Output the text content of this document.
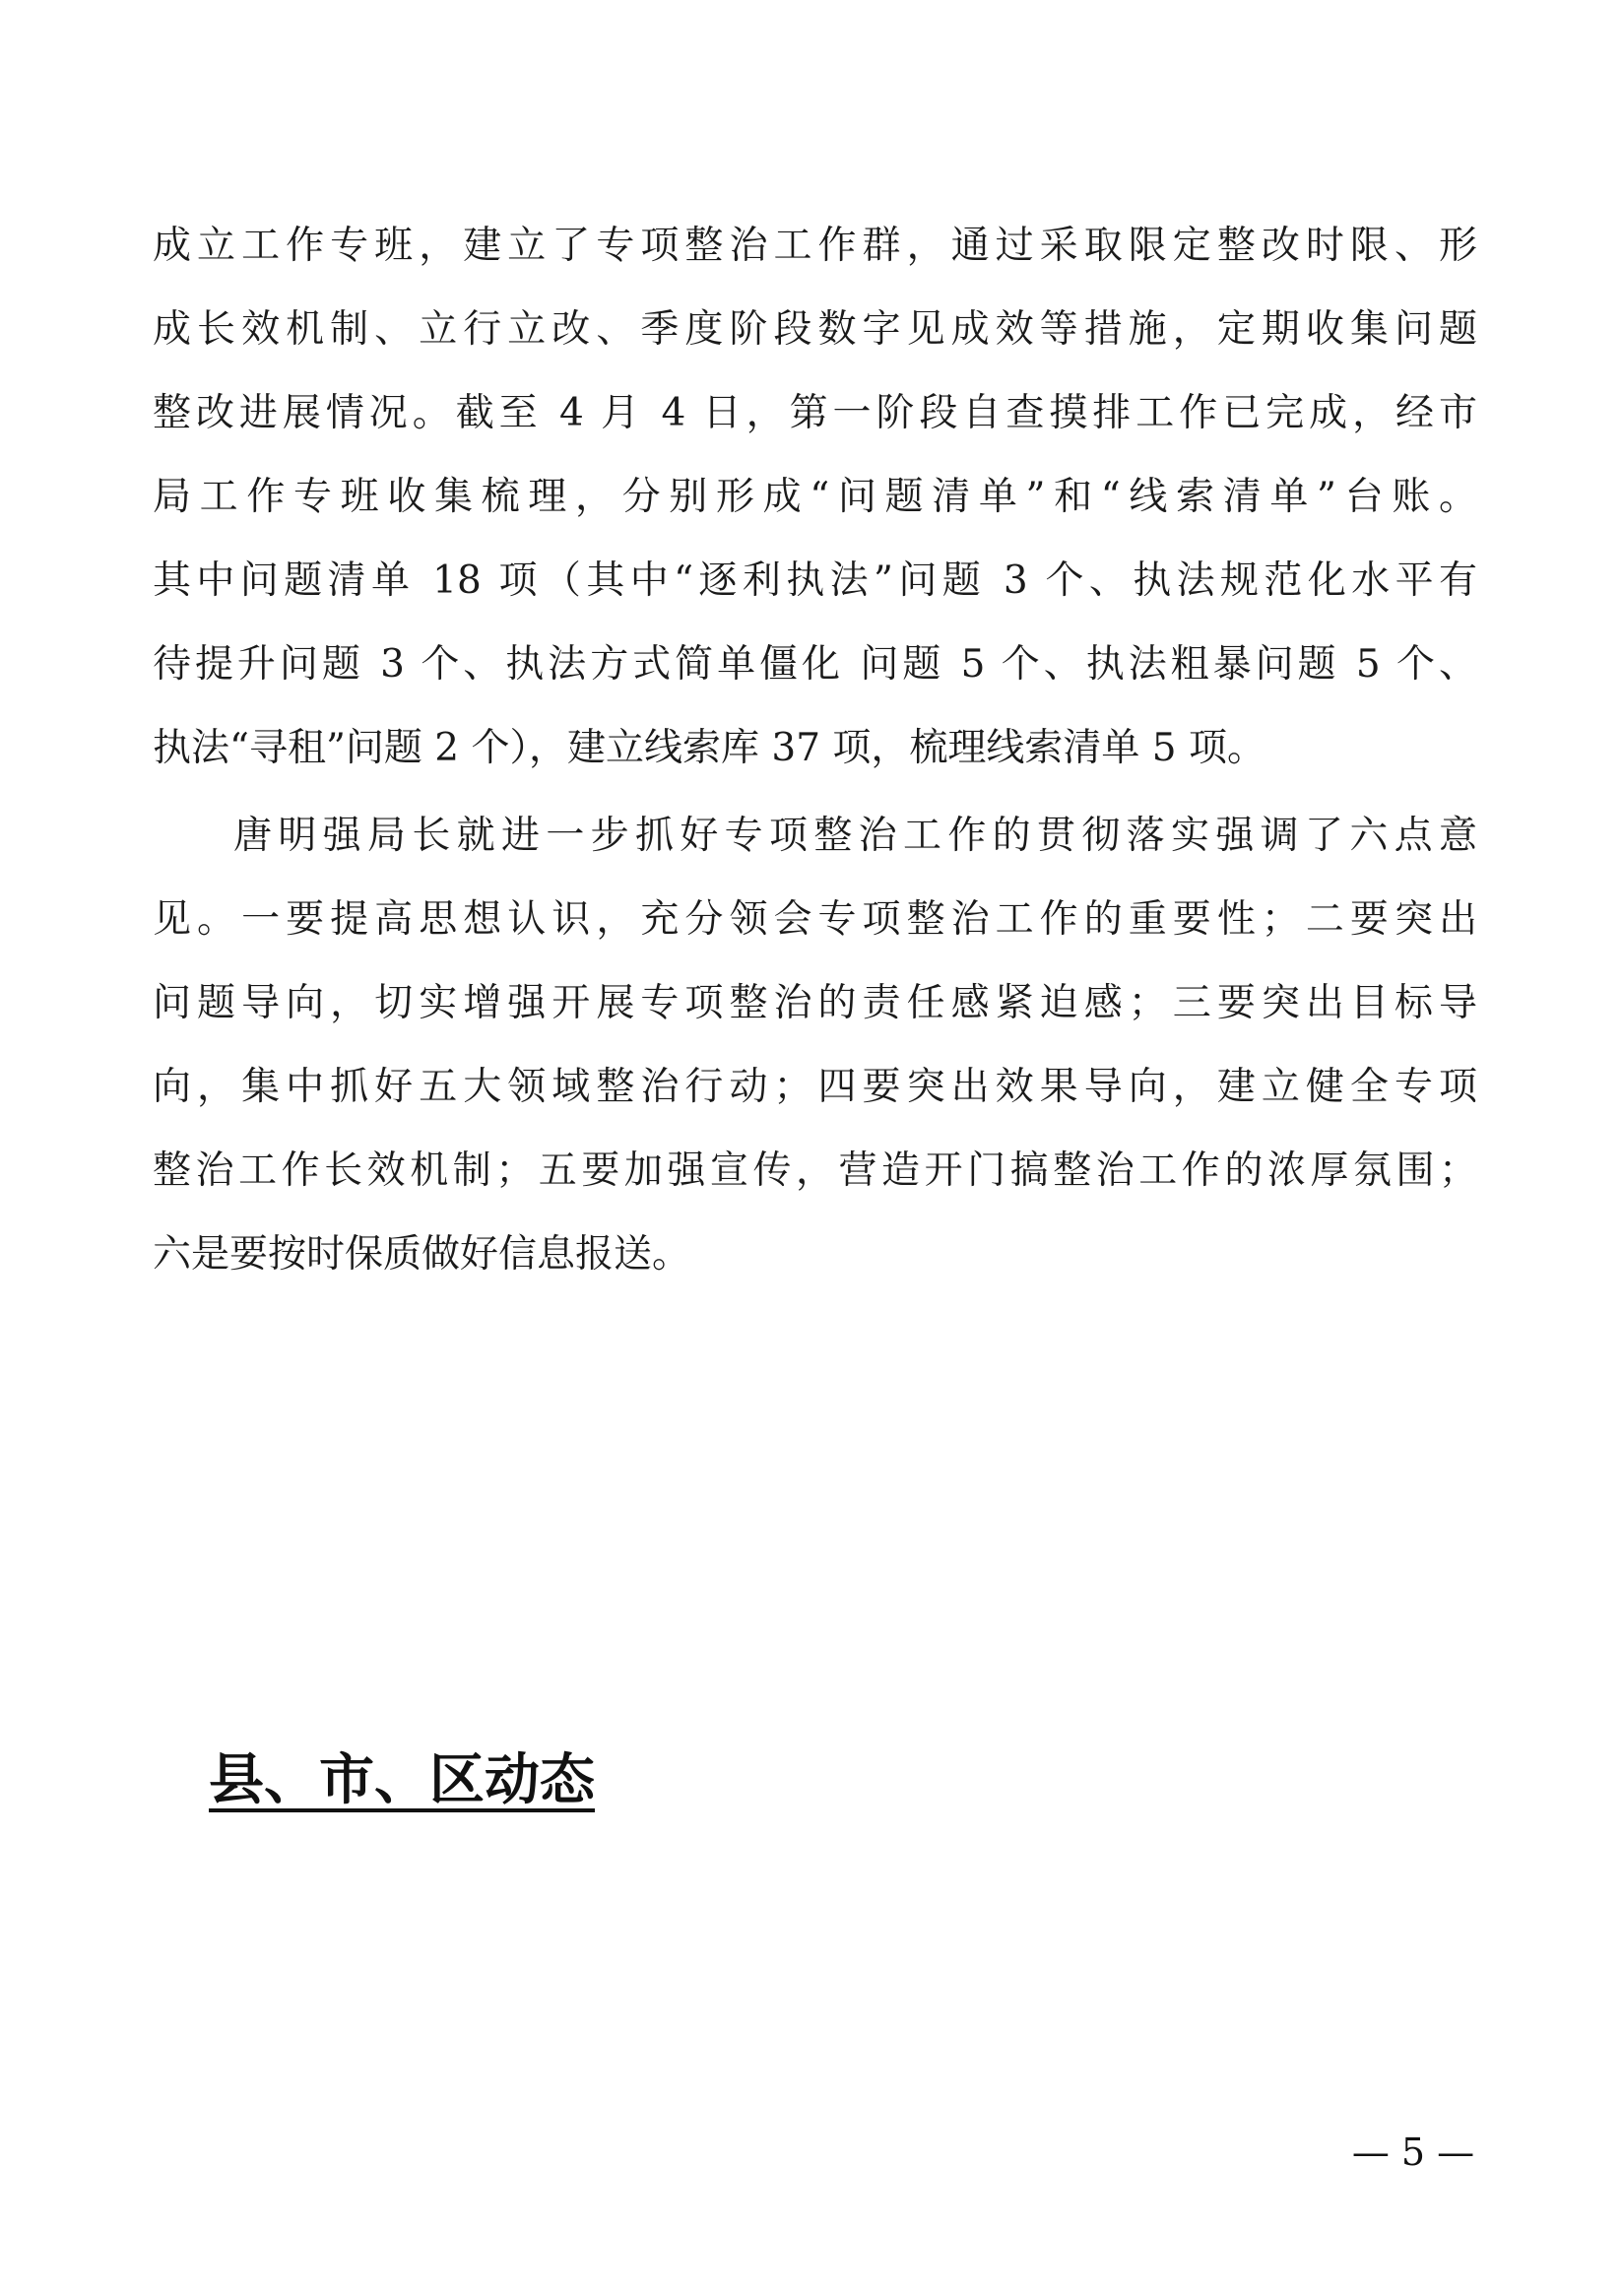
成立工作专班，建立了专项整治工作群，通过采取限定整改时限、形
成长效机制、立行立改、季度阶段数字见成效等措施，定期收集问题
整改进展情况。截至 4 月 4 日，第一阶段自查摸排工作已完成，经市
局工作专班收集梳理，分别形成“问题清单”和“线索清单”台账。
其中问题清单 18 项（其中“逐利执法”问题 3 个、执法规范化水平有
待提升问题 3 个、执法方式简单僵化 问题 5 个、执法粗暴问题 5 个、
执法“寻租”问题 2 个），建立线索库 37 项，梳理线索清单 5 项。
唐明强局长就进一步抓好专项整治工作的贯彻落实强调了六点意
见。一要提高思想认识，充分领会专项整治工作的重要性；二要突出
问题导向，切实增强开展专项整治的责任感紧迫感；三要突出目标导
向，集中抓好五大领域整治行动；四要突出效果导向，建立健全专项
整治工作长效机制；五要加强宣传，营造开门搞整治工作的浓厚氛围；
六是要按时保质做好信息报送。
县、市、区动态
— 5 —
